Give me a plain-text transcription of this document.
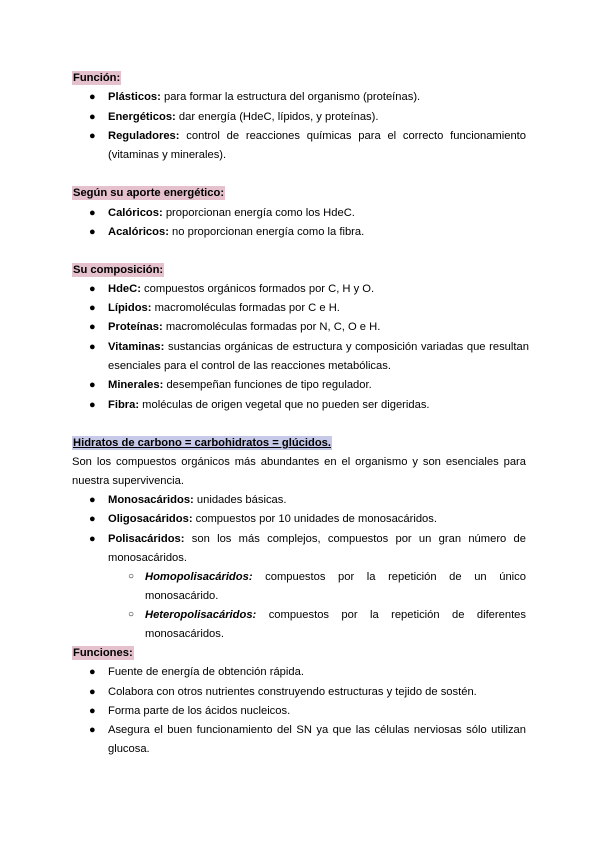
Función:
● Plásticos: para formar la estructura del organismo (proteínas).
● Energéticos: dar energía (HdeC, lípidos, y proteínas).
● Reguladores: control de reacciones químicas para el correcto funcionamiento
(vitaminas y minerales).
Según su aporte energético:
● Calóricos: proporcionan energía como los HdeC.
● Acalóricos: no proporcionan energía como la fibra.
Su composición:
● HdeC: compuestos orgánicos formados por C, H y O.
● Lípidos: macromoléculas formadas por C e H.
● Proteínas: macromoléculas formadas por N, C, O e H.
● Vitaminas: sustancias orgánicas de estructura y composición variadas que resultan
esenciales para el control de las reacciones metabólicas.
● Minerales: desempeñan funciones de tipo regulador.
● Fibra: moléculas de origen vegetal que no pueden ser digeridas.
Hidratos de carbono = carbohidratos = glúcidos.
Son los compuestos orgánicos más abundantes en el organismo y son esenciales para
nuestra supervivencia.
● Monosacáridos: unidades básicas.
● Oligosacáridos: compuestos por 10 unidades de monosacáridos.
● Polisacáridos: son los más complejos, compuestos por un gran número de
monosacáridos.
○ Homopolisacáridos: compuestos por la repetición de un único
monosacárido.
○ Heteropolisacáridos: compuestos por la repetición de diferentes
monosacáridos.
Funciones:
● Fuente de energía de obtención rápida.
● Colabora con otros nutrientes construyendo estructuras y tejido de sostén.
● Forma parte de los ácidos nucleicos.
● Asegura el buen funcionamiento del SN ya que las células nerviosas sólo utilizan
glucosa.
